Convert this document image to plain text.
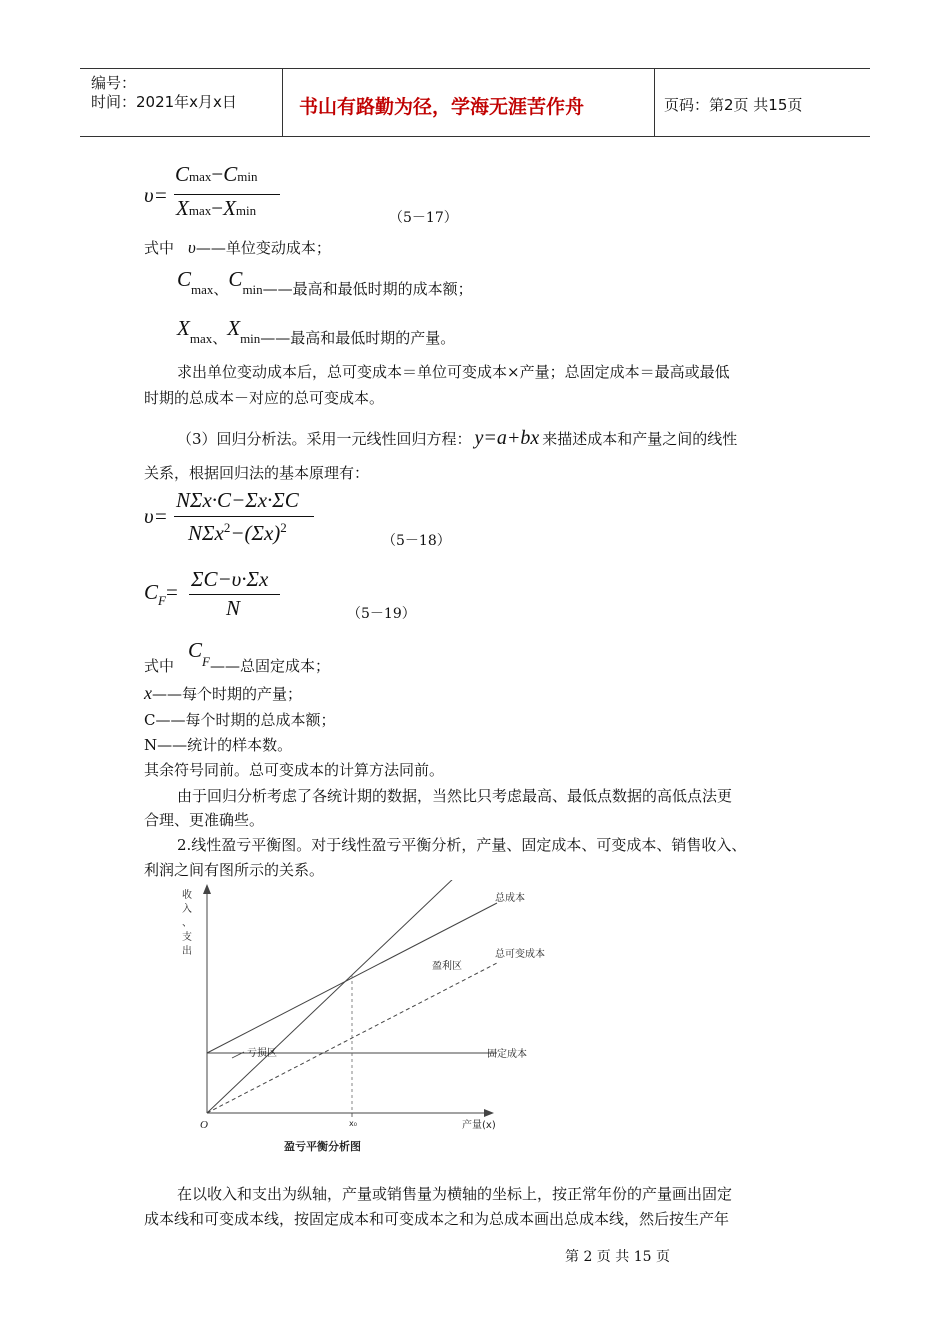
编号：
时间：2021年x月x日	书山有路勤为径，学海无涯苦作舟	页码：第2页 共15页
υ=
Cmax−Cmin
Xmax−Xmin	（5－17）
式中 υ——单位变动成本；
Cmax、Cmin——最高和最低时期的成本额；
Xmax、Xmin——最高和最低时期的产量。
求出单位变动成本后，总可变成本＝单位可变成本×产量；总固定成本＝最高或最低
时期的总成本－对应的总可变成本。
（3）回归分析法。采用一元线性回归方程： y=a+bx 来描述成本和产量之间的线性
关系，根据回归法的基本原理有：
υ=
NΣx·C−Σx·ΣC
$N\Sigma x^2-(\Sigma x)^2$
（5－18）
$C_F=$
ΣC−υ·Σx
N	（5－19）
式中CF——总固定成本；
x——每个时期的产量；
C——每个时期的总成本额；
N——统计的样本数。
其余符号同前。总可变成本的计算方法同前。
由于回归分析考虑了各统计期的数据，当然比只考虑最高、最低点数据的高低点法更
合理、更准确些。
2.线性盈亏平衡图。对于线性盈亏平衡分析，产量、固定成本、可变成本、销售收入、
利润之间有图所示的关系。
收
入
、
支
出
O	x₀	产量(x)
盈利区
亏损区
盈亏平衡分析图
总成本
总可变成本
固定成本
在以收入和支出为纵轴，产量或销售量为横轴的坐标上，按正常年份的产量画出固定
成本线和可变成本线，按固定成本和可变成本之和为总成本画出总成本线，然后按生产年
第 2 页 共 15 页
